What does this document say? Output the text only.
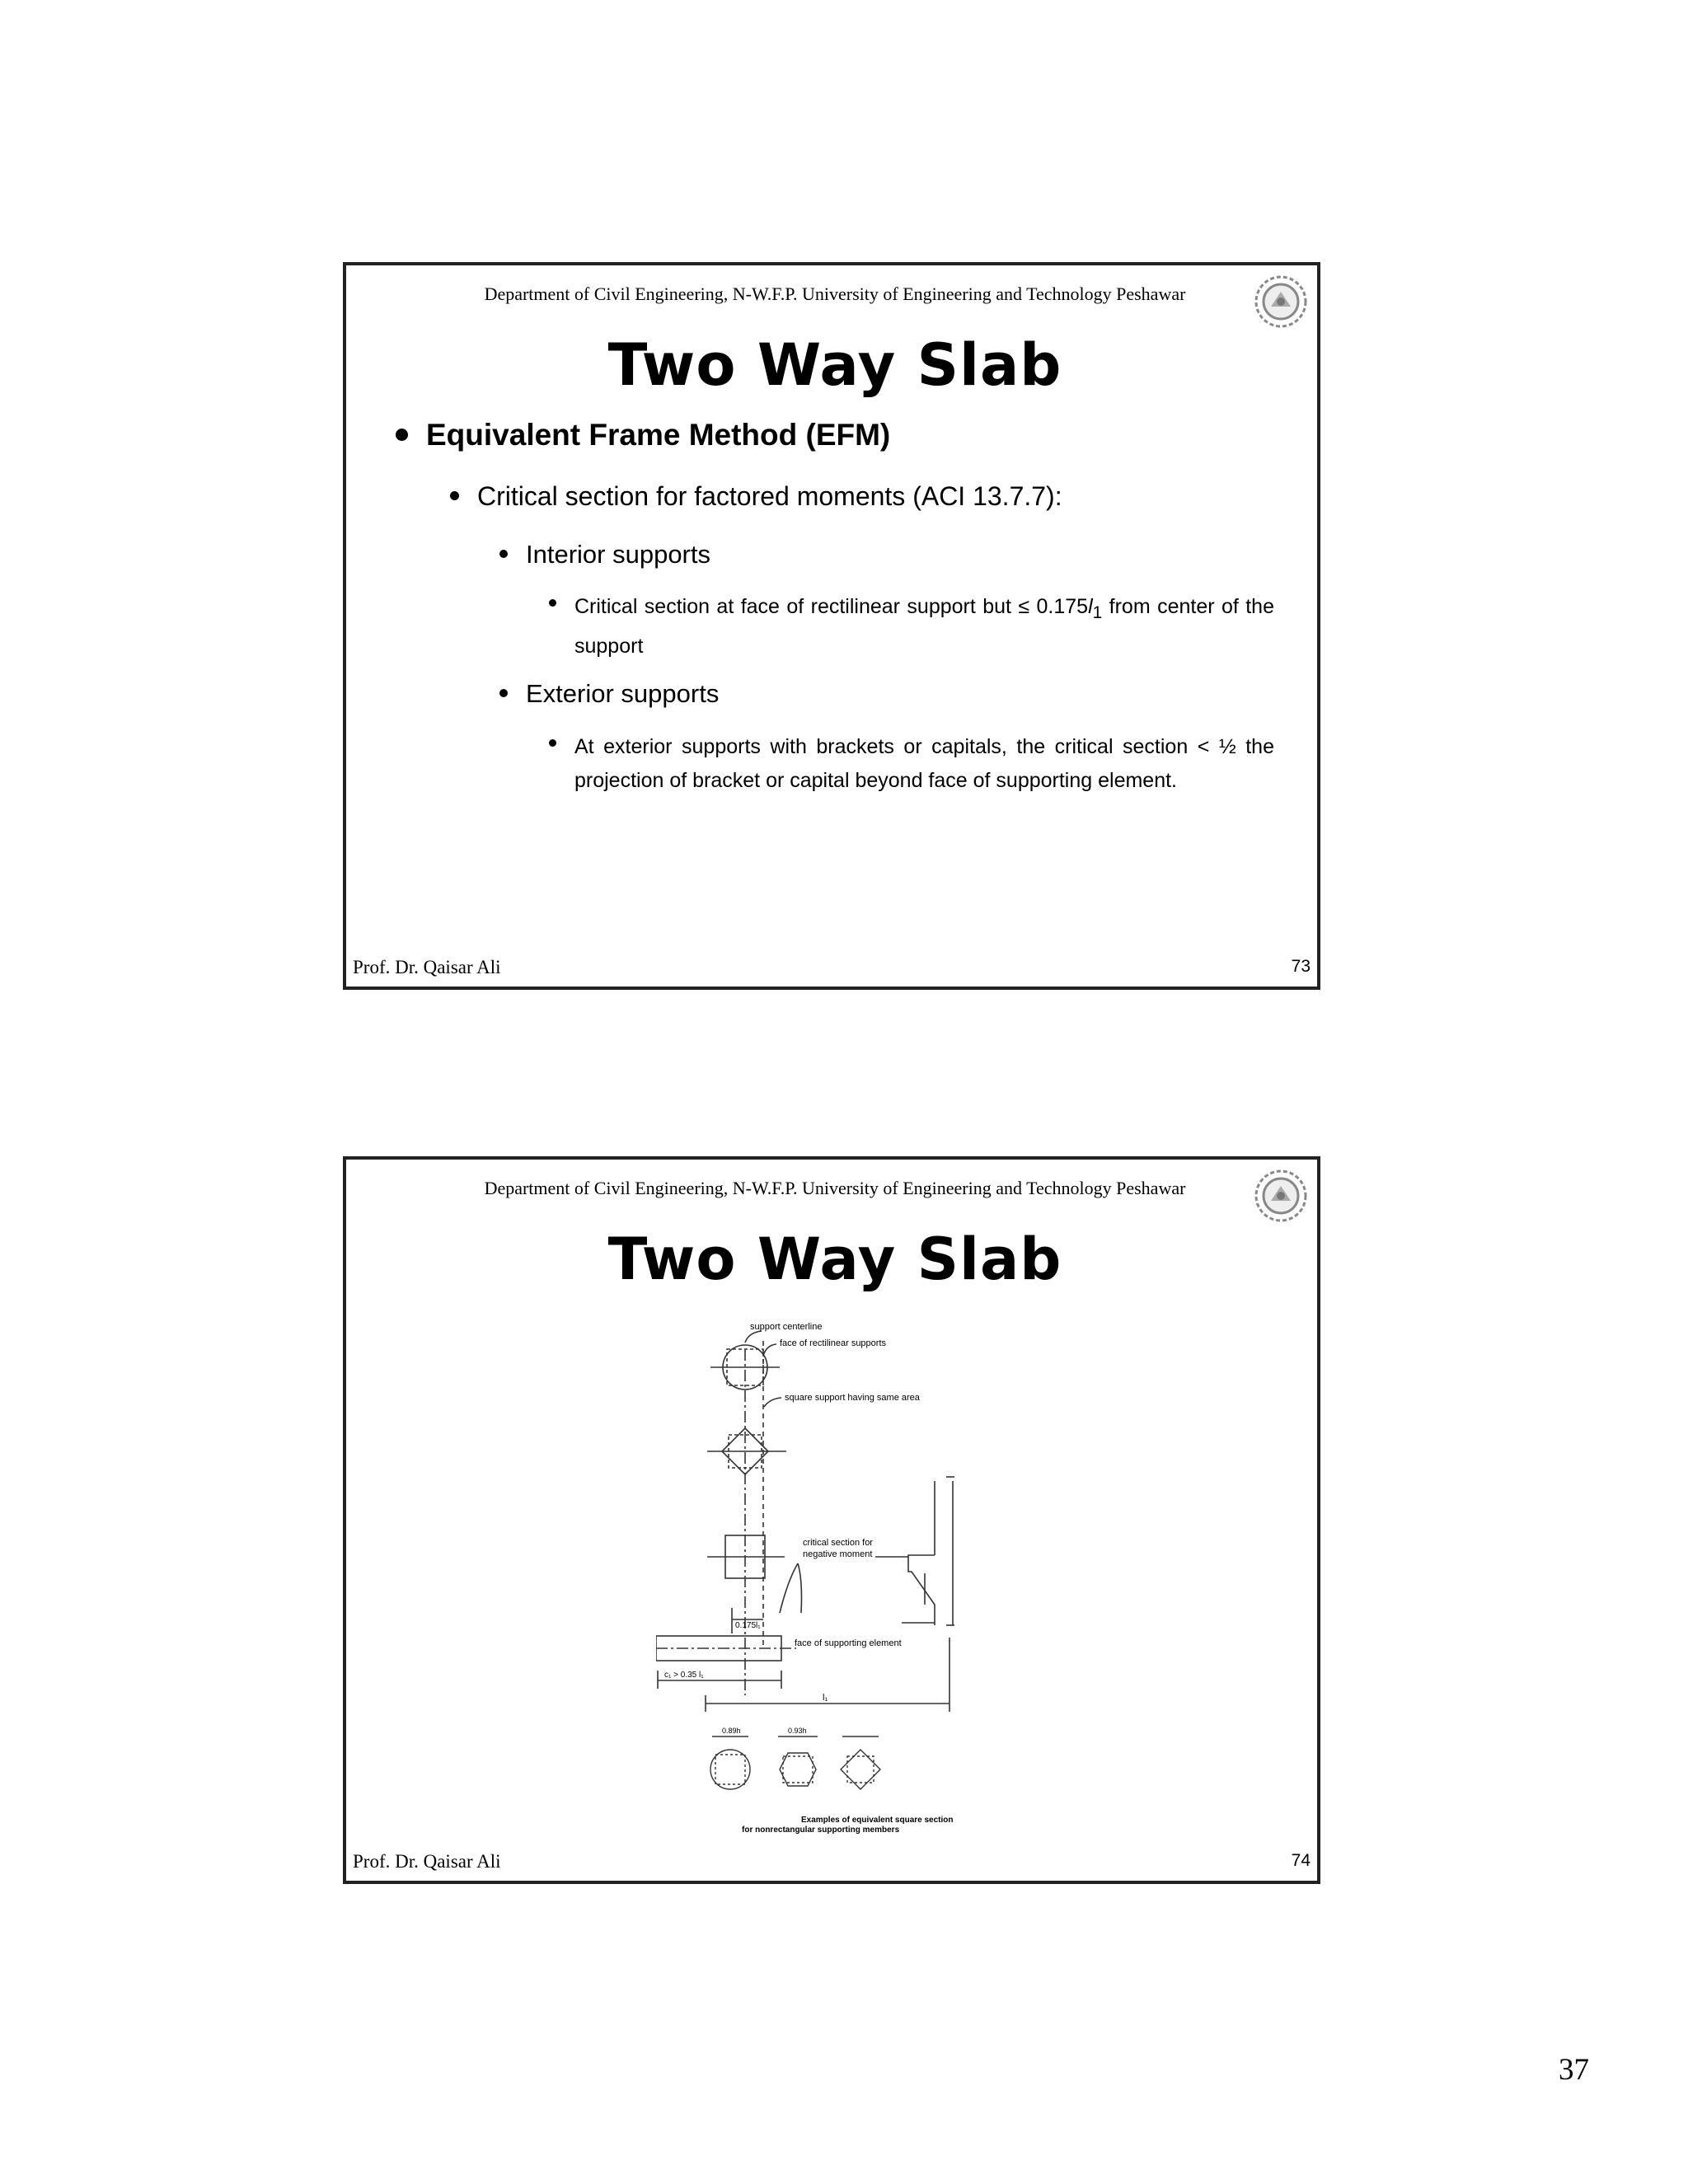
Department of Civil Engineering, N-W.F.P. University of Engineering and Technology Peshawar
Two Way Slab
Equivalent Frame Method (EFM)
Critical section for factored moments (ACI 13.7.7):
Interior supports
Critical section at face of rectilinear support but ≤ $0.175l_1$ from center of the support
Exterior supports
At exterior supports with brackets or capitals, the critical section < ½ the projection of bracket or capital beyond face of supporting element.
Prof. Dr. Qaisar Ali	73
Department of Civil Engineering, N-W.F.P. University of Engineering and Technology Peshawar
Two Way Slab
support centerline
face of rectilinear supports
square support having same area
critical section for
negative moment
0.175l₁
face of supporting element
c₁ > 0.35 l₁
l₁
0.89h	0.93h
Examples of equivalent square section
for nonrectangular supporting members
Prof. Dr. Qaisar Ali	74
37
